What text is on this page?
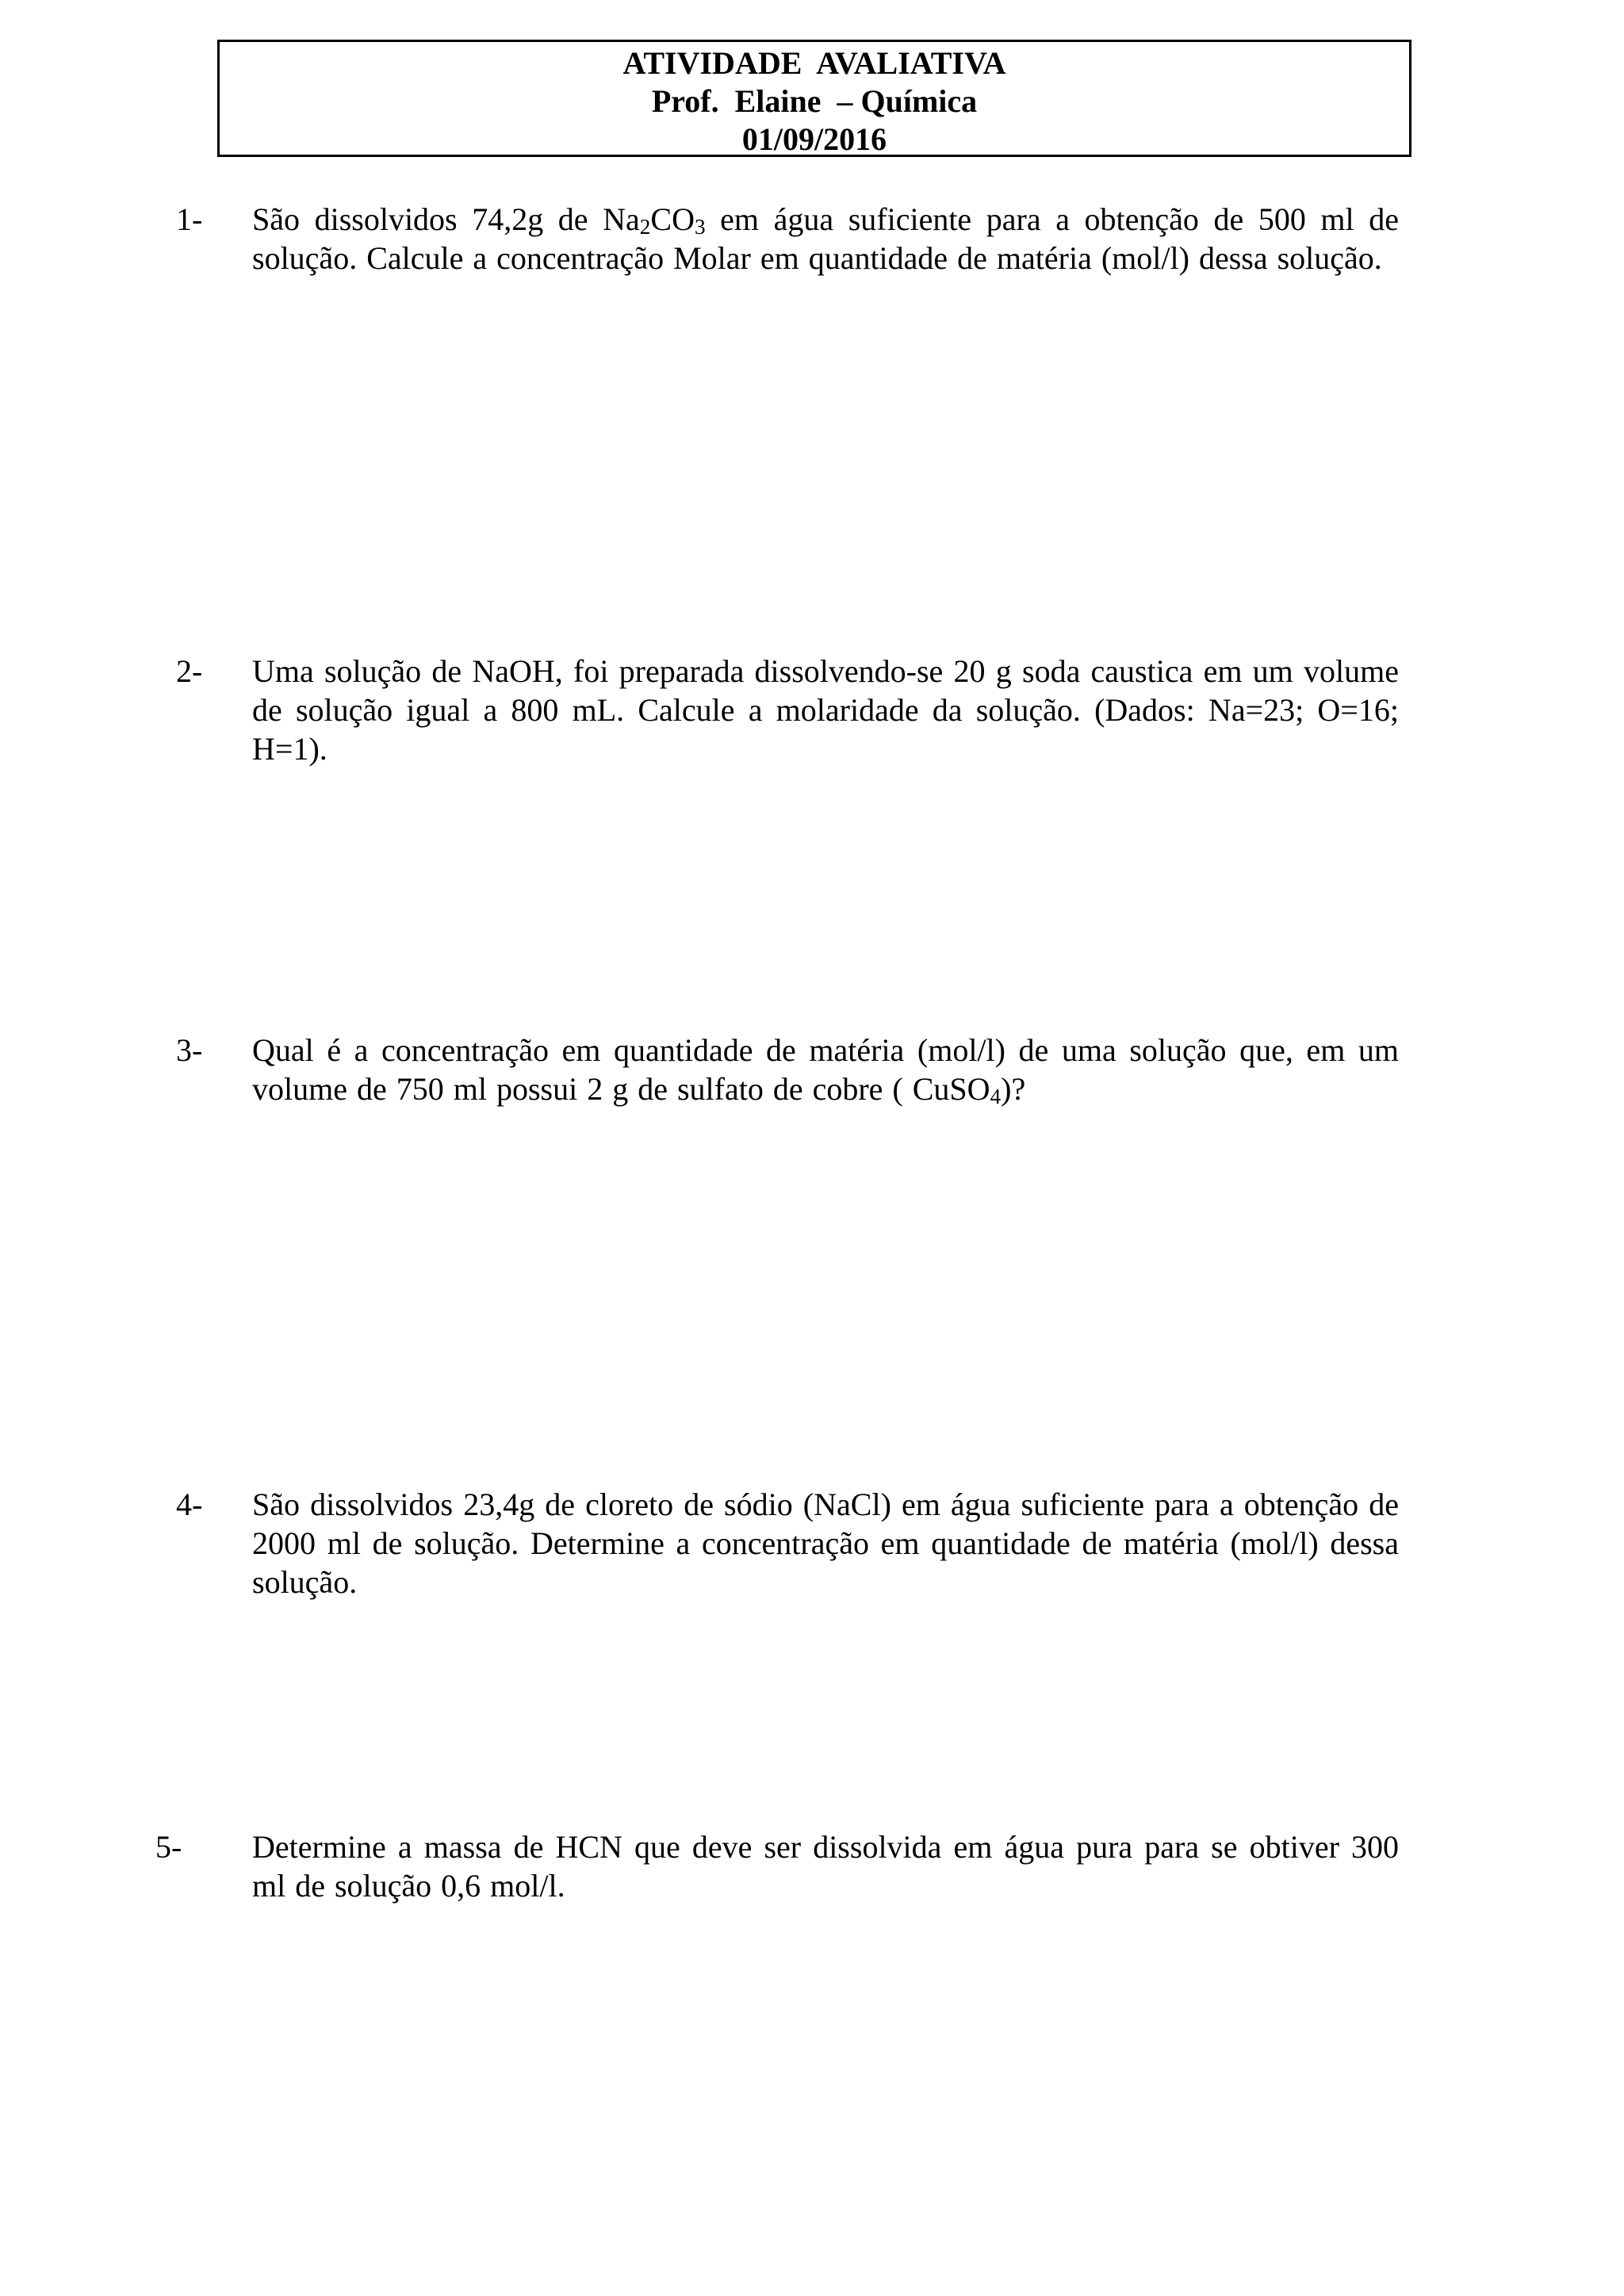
ATIVIDADE  AVALIATIVA
Prof.  Elaine  – Química
01/09/2016
1- São dissolvidos 74,2g de $Na_2CO_3$ em água suficiente para a obtenção de 500 ml de solução. Calcule a concentração Molar em quantidade de matéria (mol/l) dessa solução.
2- Uma solução de NaOH, foi preparada dissolvendo-se 20 g soda caustica em um volume de solução igual a 800 mL. Calcule a molaridade da solução. (Dados: Na=23; O=16; H=1).
3- Qual é a concentração em quantidade de matéria (mol/l) de uma solução que, em um volume de 750 ml possui 2 g de sulfato de cobre ( CuSO$_4$)?
4- São dissolvidos 23,4g de cloreto de sódio (NaCl) em água suficiente para a obtenção de 2000 ml de solução. Determine a concentração em quantidade de matéria (mol/l) dessa solução.
5- Determine a massa de HCN que deve ser dissolvida em água pura para se obtiver 300 ml de solução 0,6 mol/l.
